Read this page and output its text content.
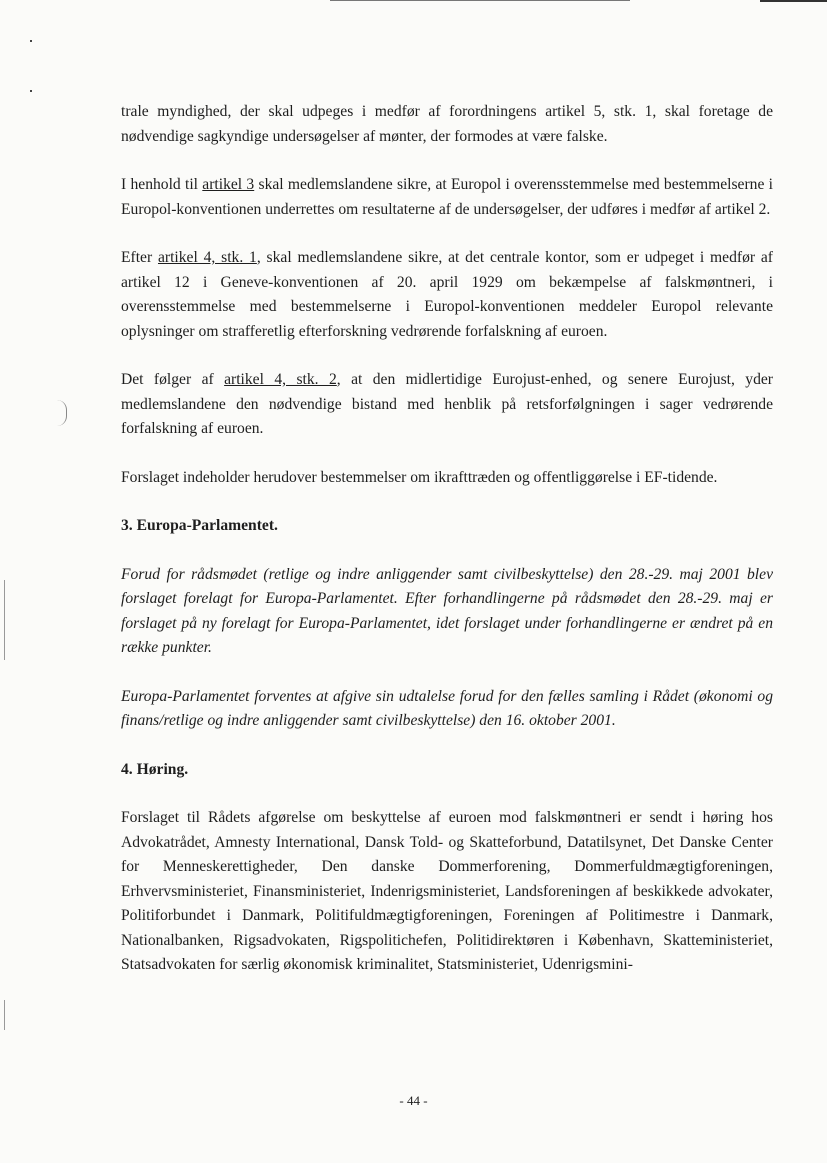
trale myndighed, der skal udpeges i medfør af forordningens artikel 5, stk. 1, skal foretage de nødvendige sagkyndige undersøgelser af mønter, der formodes at være falske.

I henhold til artikel 3 skal medlemslandene sikre, at Europol i overensstemmelse med bestemmelserne i Europol-konventionen underrettes om resultaterne af de undersøgelser, der udføres i medfør af artikel 2.

Efter artikel 4, stk. 1, skal medlemslandene sikre, at det centrale kontor, som er udpeget i medfør af artikel 12 i Geneve-konventionen af 20. april 1929 om bekæmpelse af falskmøntneri, i overensstemmelse med bestemmelserne i Europol-konventionen meddeler Europol relevante oplysninger om strafferetlig efterforskning vedrørende forfalskning af euroen.

Det følger af artikel 4, stk. 2, at den midlertidige Eurojust-enhed, og senere Eurojust, yder medlemslandene den nødvendige bistand med henblik på retsforfølgningen i sager vedrørende forfalskning af euroen.

Forslaget indeholder herudover bestemmelser om ikrafttræden og offentliggørelse i EF-tidende.

3. Europa-Parlamentet.

Forud for rådsmødet (retlige og indre anliggender samt civilbeskyttelse) den 28.-29. maj 2001 blev forslaget forelagt for Europa-Parlamentet. Efter forhandlingerne på rådsmødet den 28.-29. maj er forslaget på ny forelagt for Europa-Parlamentet, idet forslaget under forhandlingerne er ændret på en række punkter.

Europa-Parlamentet forventes at afgive sin udtalelse forud for den fælles samling i Rådet (økonomi og finans/retlige og indre anliggender samt civilbeskyttelse) den 16. oktober 2001.

4. Høring.

Forslaget til Rådets afgørelse om beskyttelse af euroen mod falskmøntneri er sendt i høring hos Advokatrådet, Amnesty International, Dansk Told- og Skatteforbund, Datatilsynet, Det Danske Center for Menneskerettigheder, Den danske Dommerforening, Dommerfuldmægtigforeningen, Erhvervsministeriet, Finansministeriet, Indenrigsministeriet, Landsforeningen af beskikkede advokater, Politiforbundet i Danmark, Politifuldmægtigforeningen, Foreningen af Politimestre i Danmark, Nationalbanken, Rigsadvokaten, Rigspolitichefen, Politidirektøren i København, Skatteministeriet, Statsadvokaten for særlig økonomisk kriminalitet, Statsministeriet, Udenrigsmini-

- 44 -
